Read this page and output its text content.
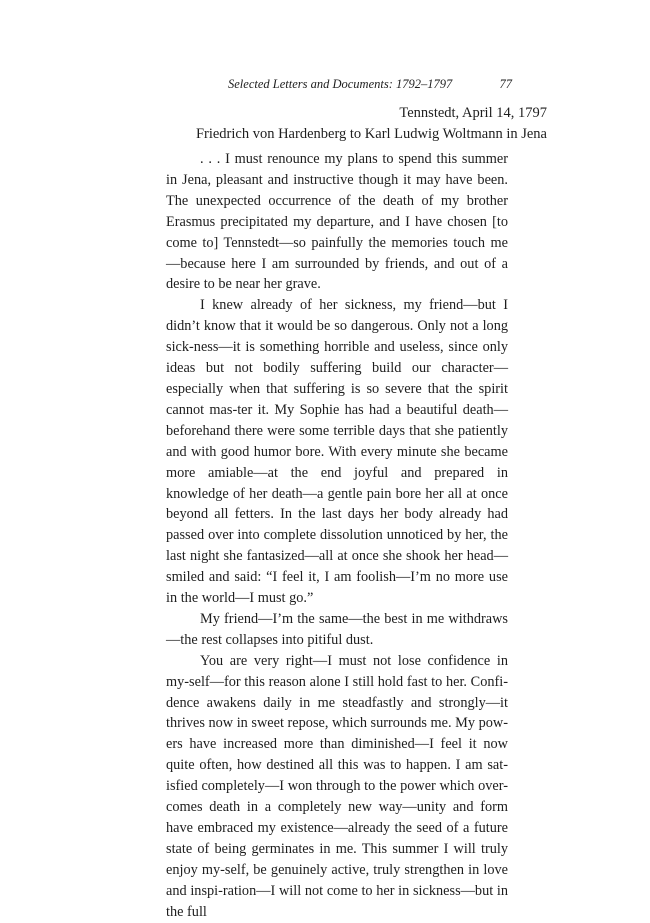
Selected Letters and Documents: 1792–1797	77
Tennstedt, April 14, 1797
Friedrich von Hardenberg to Karl Ludwig Woltmann in Jena

. . . I must renounce my plans to spend this summer in Jena, pleasant and instructive though it may have been. The unexpected occurrence of the death of my brother Erasmus precipitated my departure, and I have chosen [to come to] Tennstedt—so painfully the memories touch me—because here I am surrounded by friends, and out of a desire to be near her grave.

I knew already of her sickness, my friend—but I didn’t know that it would be so dangerous. Only not a long sick-ness—it is something horrible and useless, since only ideas but not bodily suffering build our character—especially when that suffering is so severe that the spirit cannot mas-ter it. My Sophie has had a beautiful death—beforehand there were some terrible days that she patiently and with good humor bore. With every minute she became more amiable—at the end joyful and prepared in knowledge of her death—a gentle pain bore her all at once beyond all fetters. In the last days her body already had passed over into complete dissolution unnoticed by her, the last night she fantasized—all at once she shook her head—smiled and said: “I feel it, I am foolish—I’m no more use in the world—I must go.”

My friend—I’m the same—the best in me withdraws—the rest collapses into pitiful dust.

You are very right—I must not lose confidence in my-self—for this reason alone I still hold fast to her. Confi-dence awakens daily in me steadfastly and strongly—it thrives now in sweet repose, which surrounds me. My pow-ers have increased more than diminished—I feel it now quite often, how destined all this was to happen. I am sat-isfied completely—I won through to the power which over-comes death in a completely new way—unity and form have embraced my existence—already the seed of a future state of being germinates in me. This summer I will truly enjoy my-self, be genuinely active, truly strengthen in love and inspi-ration—I will not come to her in sickness—but in the full
